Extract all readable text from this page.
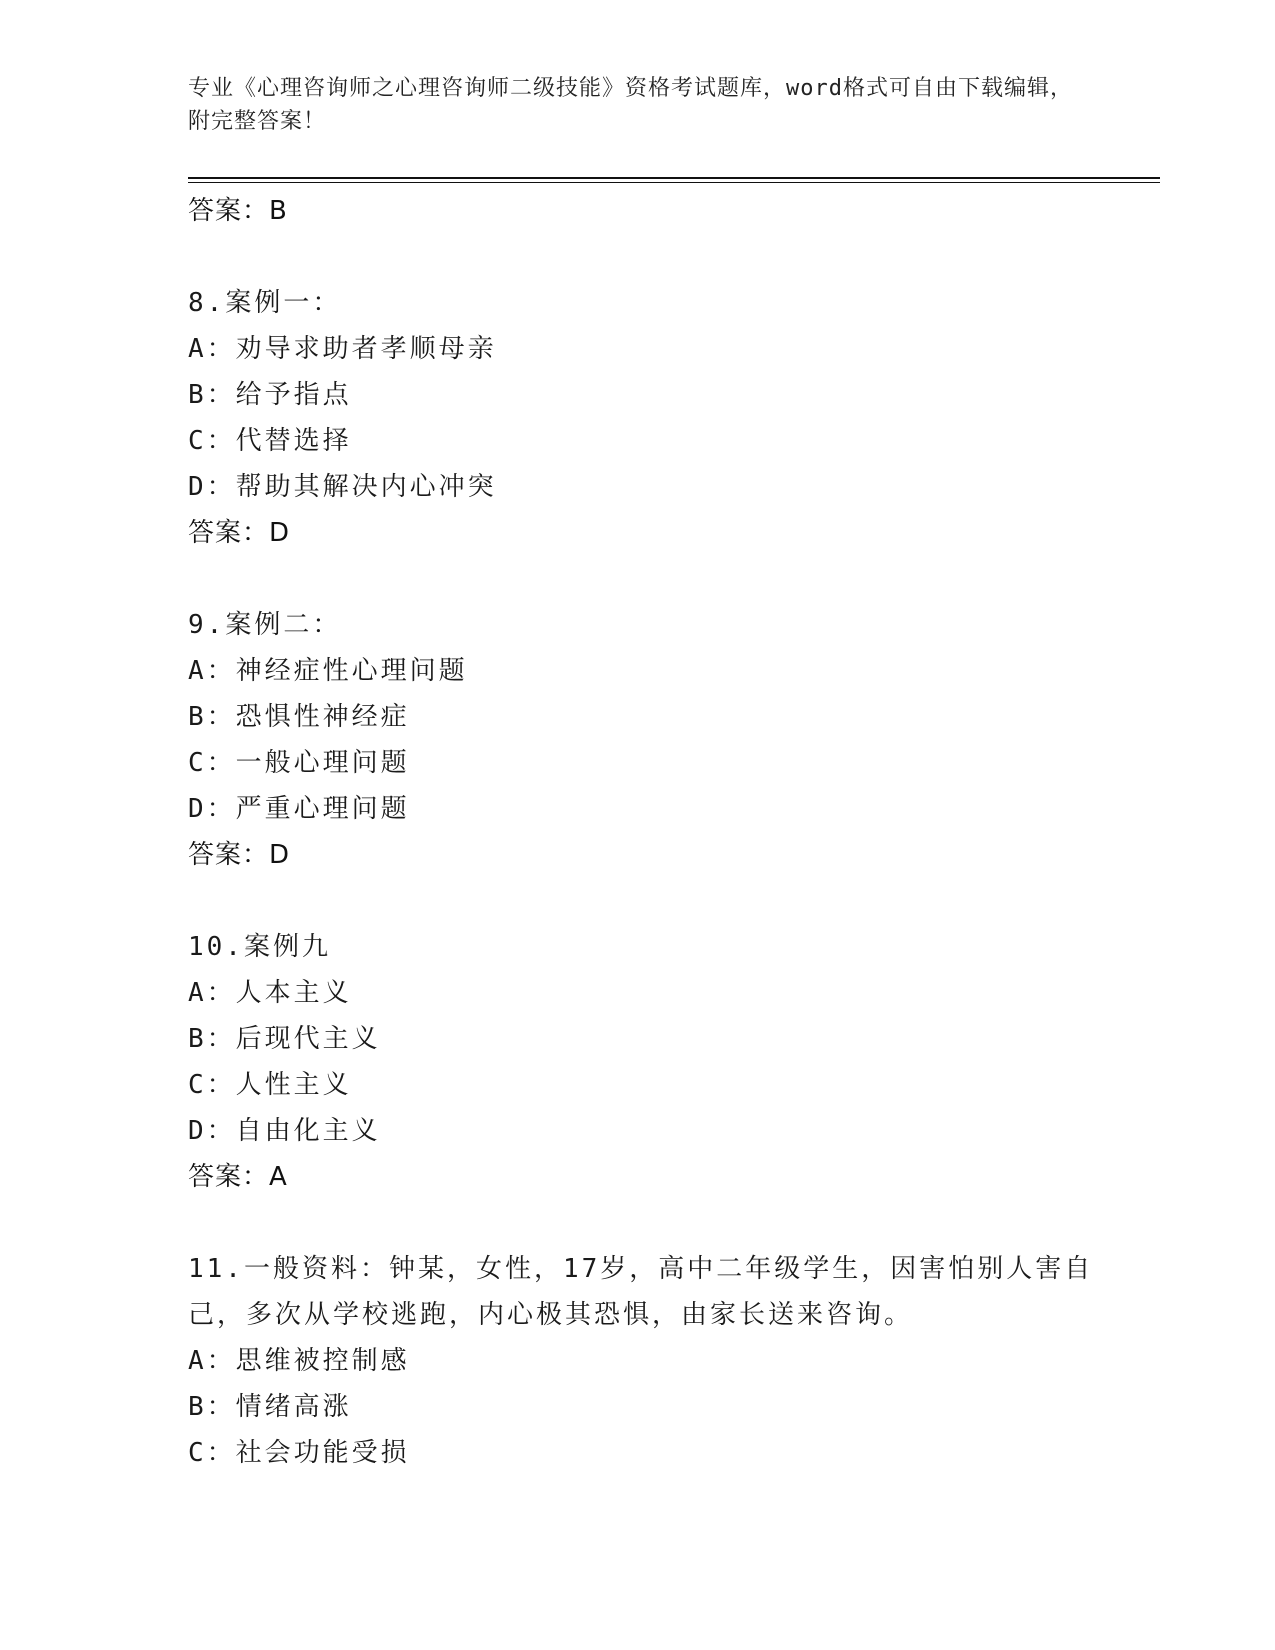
专业《心理咨询师之心理咨询师二级技能》资格考试题库，word格式可自由下载编辑，附完整答案！
答案：B
8.案例一：
A：劝导求助者孝顺母亲
B：给予指点
C：代替选择
D：帮助其解决内心冲突
答案：D
9.案例二：
A：神经症性心理问题
B：恐惧性神经症
C：一般心理问题
D：严重心理问题
答案：D
10.案例九
A：人本主义
B：后现代主义
C：人性主义
D：自由化主义
答案：A
11.一般资料：钟某，女性，17岁，高中二年级学生，因害怕别人害自己，多次从学校逃跑，内心极其恐惧，由家长送来咨询。
A：思维被控制感
B：情绪高涨
C：社会功能受损
